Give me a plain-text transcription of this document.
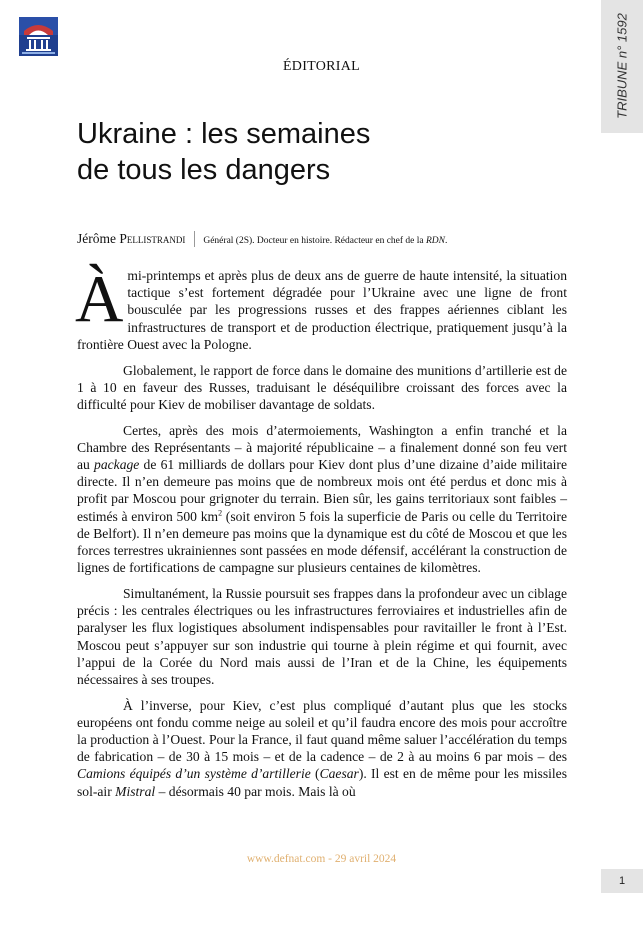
TRIBUNE n° 1592
ÉDITORIAL
Ukraine : les semaines
de tous les dangers
Jérôme Pellistrandi Général (2S). Docteur en histoire. Rédacteur en chef de la RDN.

Àmi-printemps et après plus de deux ans de guerre de haute intensité, la situation tactique s’est fortement dégradée pour l’Ukraine avec une ligne de front bousculée par les progressions russes et des frappes aériennes ciblant les infrastructures de transport et de production électrique, pratiquement jusqu’à la frontière Ouest avec la Pologne.

Globalement, le rapport de force dans le domaine des munitions d’artillerie est de 1 à 10 en faveur des Russes, traduisant le déséquilibre croissant des forces avec la difficulté pour Kiev de mobiliser davantage de soldats.

Certes, après des mois d’atermoiements, Washington a enfin tranché et la Chambre des Représentants – à majorité républicaine – a finalement donné son feu vert au package de 61 milliards de dollars pour Kiev dont plus d’une dizaine d’aide militaire directe. Il n’en demeure pas moins que de nombreux mois ont été perdus et donc mis à profit par Moscou pour grignoter du terrain. Bien sûr, les gains territoriaux sont faibles – estimés à environ 500 $km^2$ (soit environ 5 fois la superficie de Paris ou celle du Territoire de Belfort). Il n’en demeure pas moins que la dynamique est du côté de Moscou et que les forces terrestres ukrainiennes sont passées en mode défensif, accélérant la construction de lignes de fortifications de campagne sur plusieurs centaines de kilomètres.

Simultanément, la Russie poursuit ses frappes dans la profondeur avec un ciblage précis : les centrales électriques ou les infrastructures ferroviaires et industrielles afin de paralyser les flux logistiques absolument indispensables pour ravitailler le front à l’Est. Moscou peut s’appuyer sur son industrie qui tourne à plein régime et qui fournit, avec l’appui de la Corée du Nord mais aussi de l’Iran et de la Chine, les équipements nécessaires à ses troupes.

À l’inverse, pour Kiev, c’est plus compliqué d’autant plus que les stocks européens ont fondu comme neige au soleil et qu’il faudra encore des mois pour accroître la production à l’Ouest. Pour la France, il faut quand même saluer l’accélération du temps de fabrication – de 30 à 15 mois – et de la cadence – de 2 à au moins 6 par mois – des Camions équipés d’un système d’artillerie (Caesar). Il est en de même pour les missiles sol-air Mistral – désormais 40 par mois. Mais là où

www.defnat.com - 29 avril 2024
1
